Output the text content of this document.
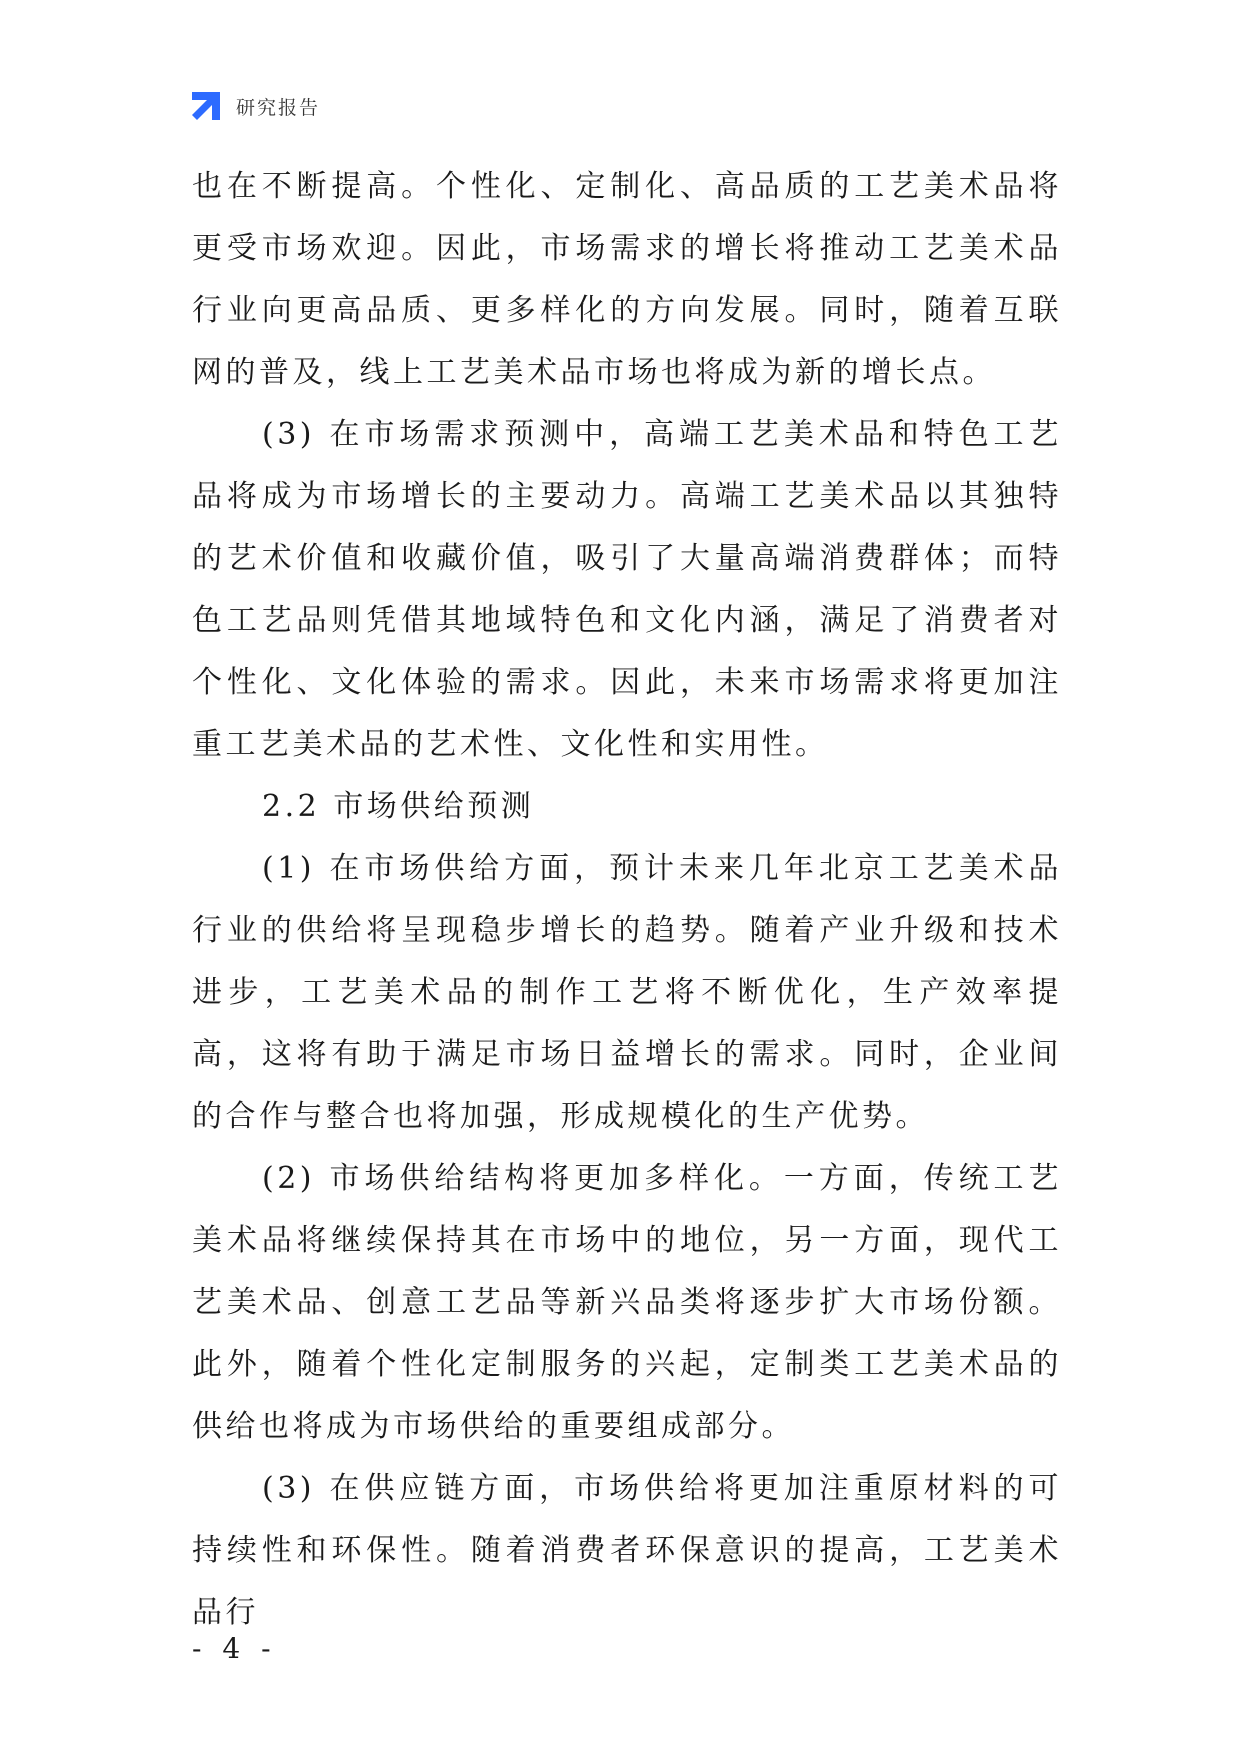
研究报告

也在不断提高。个性化、定制化、高品质的工艺美术品将更受市场欢迎。因此，市场需求的增长将推动工艺美术品行业向更高品质、更多样化的方向发展。同时，随着互联网的普及，线上工艺美术品市场也将成为新的增长点。

(3) 在市场需求预测中，高端工艺美术品和特色工艺品将成为市场增长的主要动力。高端工艺美术品以其独特的艺术价值和收藏价值，吸引了大量高端消费群体；而特色工艺品则凭借其地域特色和文化内涵，满足了消费者对个性化、文化体验的需求。因此，未来市场需求将更加注重工艺美术品的艺术性、文化性和实用性。

2.2 市场供给预测

(1) 在市场供给方面，预计未来几年北京工艺美术品行业的供给将呈现稳步增长的趋势。随着产业升级和技术进步，工艺美术品的制作工艺将不断优化，生产效率提高，这将有助于满足市场日益增长的需求。同时，企业间的合作与整合也将加强，形成规模化的生产优势。

(2) 市场供给结构将更加多样化。一方面，传统工艺美术品将继续保持其在市场中的地位，另一方面，现代工艺美术品、创意工艺品等新兴品类将逐步扩大市场份额。此外，随着个性化定制服务的兴起，定制类工艺美术品的供给也将成为市场供给的重要组成部分。

(3) 在供应链方面，市场供给将更加注重原材料的可持续性和环保性。随着消费者环保意识的提高，工艺美术品行

- 4 -
